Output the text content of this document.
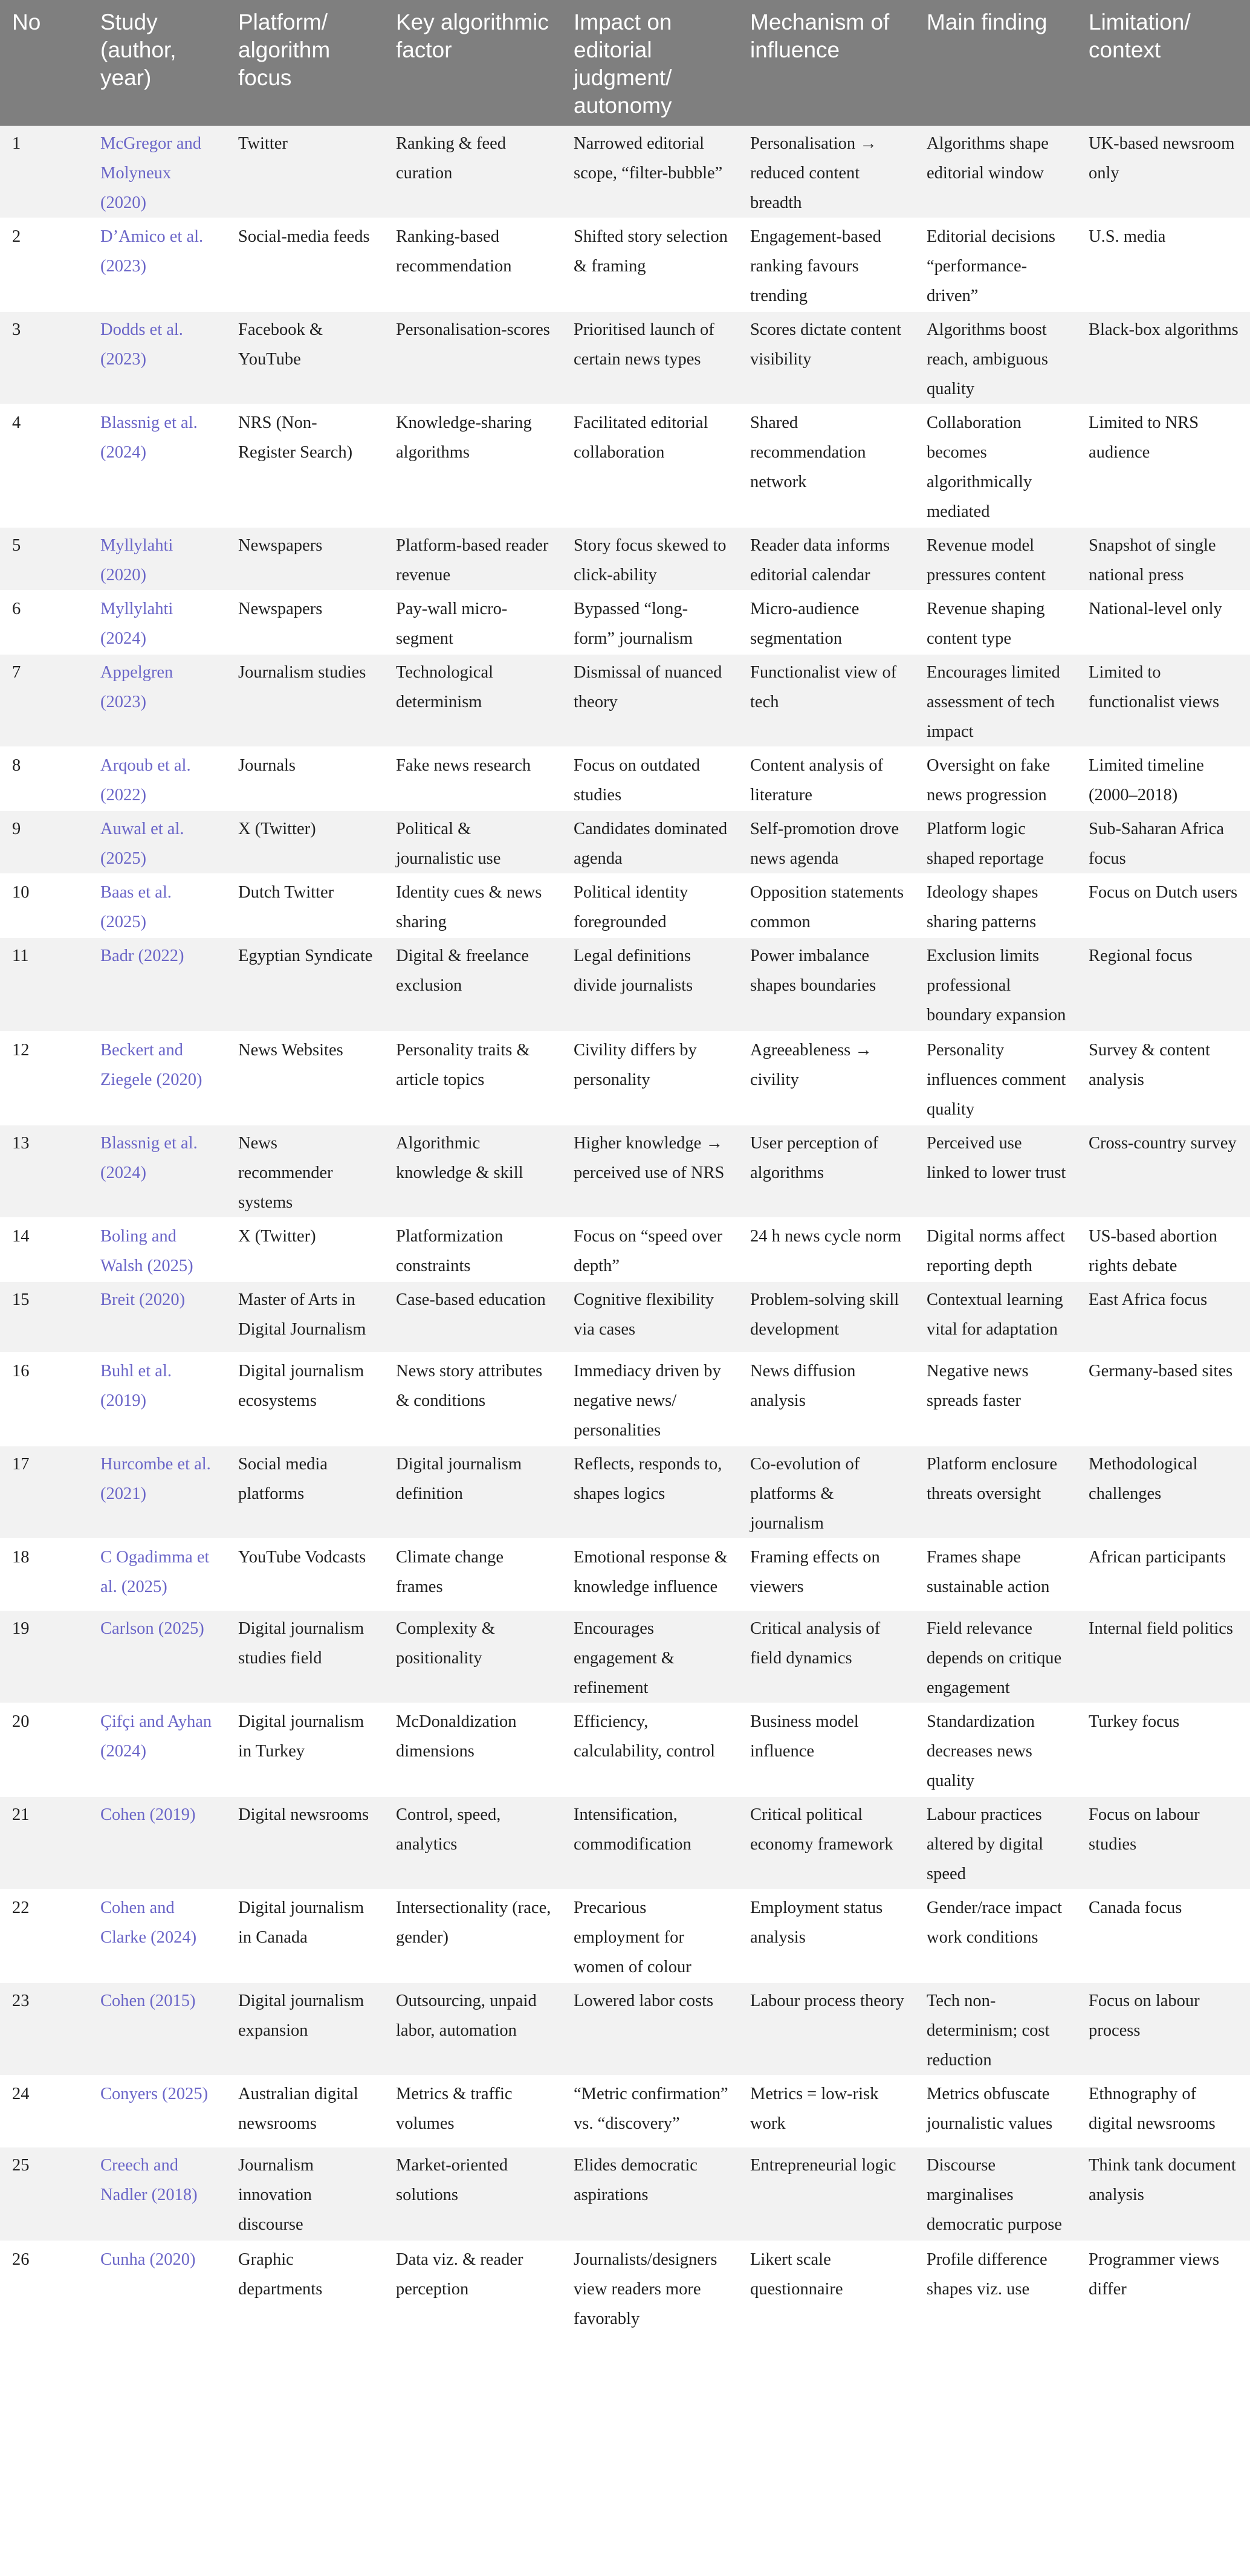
No	Study (author, year)	Platform/ algorithm focus	Key algorithmic factor	Impact on editorial judgment/ autonomy	Mechanism of influence	Main finding	Limitation/ context
1	McGregor and Molyneux (2020)	Twitter	Ranking & feed curation	Narrowed editorial scope, “filter-bubble”	Personalisation → reduced content breadth	Algorithms shape editorial window	UK-based newsroom only
2	D’Amico et al. (2023)	Social-media feeds	Ranking-based recommendation	Shifted story selection & framing	Engagement-based ranking favours trending	Editorial decisions “performance-driven”	U.S. media
3	Dodds et al. (2023)	Facebook & YouTube	Personalisation-scores	Prioritised launch of certain news types	Scores dictate content visibility	Algorithms boost reach, ambiguous quality	Black-box algorithms
4	Blassnig et al. (2024)	NRS (Non-Register Search)	Knowledge-sharing algorithms	Facilitated editorial collaboration	Shared recommendation network	Collaboration becomes algorithmically mediated	Limited to NRS audience
5	Myllylahti (2020)	Newspapers	Platform-based reader revenue	Story focus skewed to click-ability	Reader data informs editorial calendar	Revenue model pressures content	Snapshot of single national press
6	Myllylahti (2024)	Newspapers	Pay-wall micro-segment	Bypassed “long-form” journalism	Micro-audience segmentation	Revenue shaping content type	National-level only
7	Appelgren (2023)	Journalism studies	Technological determinism	Dismissal of nuanced theory	Functionalist view of tech	Encourages limited assessment of tech impact	Limited to functionalist views
8	Arqoub et al. (2022)	Journals	Fake news research	Focus on outdated studies	Content analysis of literature	Oversight on fake news progression	Limited timeline (2000–2018)
9	Auwal et al. (2025)	X (Twitter)	Political & journalistic use	Candidates dominated agenda	Self-promotion drove news agenda	Platform logic shaped reportage	Sub-Saharan Africa focus
10	Baas et al. (2025)	Dutch Twitter	Identity cues & news sharing	Political identity foregrounded	Opposition statements common	Ideology shapes sharing patterns	Focus on Dutch users
11	Badr (2022)	Egyptian Syndicate	Digital & freelance exclusion	Legal definitions divide journalists	Power imbalance shapes boundaries	Exclusion limits professional boundary expansion	Regional focus
12	Beckert and Ziegele (2020)	News Websites	Personality traits & article topics	Civility differs by personality	Agreeableness → civility	Personality influences comment quality	Survey & content analysis
13	Blassnig et al. (2024)	News recommender systems	Algorithmic knowledge & skill	Higher knowledge → perceived use of NRS	User perception of algorithms	Perceived use linked to lower trust	Cross-country survey
14	Boling and Walsh (2025)	X (Twitter)	Platformization constraints	Focus on “speed over depth”	24 h news cycle norm	Digital norms affect reporting depth	US-based abortion rights debate
15	Breit (2020)	Master of Arts in Digital Journalism	Case-based education	Cognitive flexibility via cases	Problem-solving skill development	Contextual learning vital for adaptation	East Africa focus
16	Buhl et al. (2019)	Digital journalism ecosystems	News story attributes & conditions	Immediacy driven by negative news/ personalities	News diffusion analysis	Negative news spreads faster	Germany-based sites
17	Hurcombe et al. (2021)	Social media platforms	Digital journalism definition	Reflects, responds to, shapes logics	Co-evolution of platforms & journalism	Platform enclosure threats oversight	Methodological challenges
18	C Ogadimma et al. (2025)	YouTube Vodcasts	Climate change frames	Emotional response & knowledge influence	Framing effects on viewers	Frames shape sustainable action	African participants
19	Carlson (2025)	Digital journalism studies field	Complexity & positionality	Encourages engagement & refinement	Critical analysis of field dynamics	Field relevance depends on critique engagement	Internal field politics
20	Çifçi and Ayhan (2024)	Digital journalism in Turkey	McDonaldization dimensions	Efficiency, calculability, control	Business model influence	Standardization decreases news quality	Turkey focus
21	Cohen (2019)	Digital newsrooms	Control, speed, analytics	Intensification, commodification	Critical political economy framework	Labour practices altered by digital speed	Focus on labour studies
22	Cohen and Clarke (2024)	Digital journalism in Canada	Intersectionality (race, gender)	Precarious employment for women of colour	Employment status analysis	Gender/race impact work conditions	Canada focus
23	Cohen (2015)	Digital journalism expansion	Outsourcing, unpaid labor, automation	Lowered labor costs	Labour process theory	Tech non-determinism; cost reduction	Focus on labour process
24	Conyers (2025)	Australian digital newsrooms	Metrics & traffic volumes	“Metric confirmation” vs. “discovery”	Metrics = low-risk work	Metrics obfuscate journalistic values	Ethnography of digital newsrooms
25	Creech and Nadler (2018)	Journalism innovation discourse	Market-oriented solutions	Elides democratic aspirations	Entrepreneurial logic	Discourse marginalises democratic purpose	Think tank document analysis
26	Cunha (2020)	Graphic departments	Data viz. & reader perception	Journalists/designers view readers more favorably	Likert scale questionnaire	Profile difference shapes viz. use	Programmer views differ
